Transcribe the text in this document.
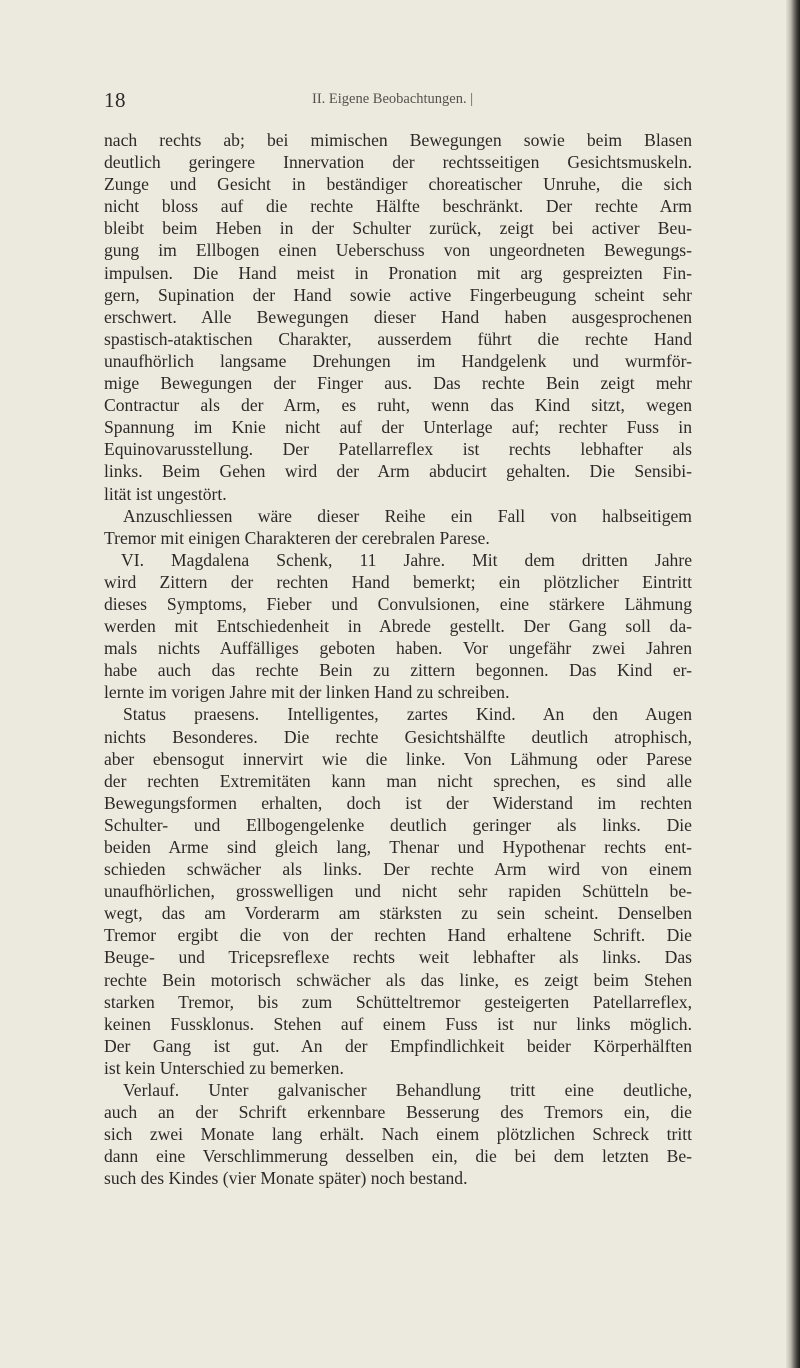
18	II. Eigene Beobachtungen. |
nach rechts ab; bei mimischen Bewegungen sowie beim Blasen
deutlich geringere Innervation der rechtsseitigen Gesichtsmuskeln.
Zunge und Gesicht in beständiger choreatischer Unruhe, die sich
nicht bloss auf die rechte Hälfte beschränkt. Der rechte Arm
bleibt beim Heben in der Schulter zurück, zeigt bei activer Beu-
gung im Ellbogen einen Ueberschuss von ungeordneten Bewegungs-
impulsen. Die Hand meist in Pronation mit arg gespreizten Fin-
gern, Supination der Hand sowie active Fingerbeugung scheint sehr
erschwert. Alle Bewegungen dieser Hand haben ausgesprochenen
spastisch-ataktischen Charakter, ausserdem führt die rechte Hand
unaufhörlich langsame Drehungen im Handgelenk und wurmför-
mige Bewegungen der Finger aus. Das rechte Bein zeigt mehr
Contractur als der Arm, es ruht, wenn das Kind sitzt, wegen
Spannung im Knie nicht auf der Unterlage auf; rechter Fuss in
Equinovarusstellung. Der Patellarreflex ist rechts lebhafter als
links. Beim Gehen wird der Arm abducirt gehalten. Die Sensibi-
lität ist ungestört.
Anzuschliessen wäre dieser Reihe ein Fall von halbseitigem
Tremor mit einigen Charakteren der cerebralen Parese.
VI. Magdalena Schenk, 11 Jahre. Mit dem dritten Jahre
wird Zittern der rechten Hand bemerkt; ein plötzlicher Eintritt
dieses Symptoms, Fieber und Convulsionen, eine stärkere Lähmung
werden mit Entschiedenheit in Abrede gestellt. Der Gang soll da-
mals nichts Auffälliges geboten haben. Vor ungefähr zwei Jahren
habe auch das rechte Bein zu zittern begonnen. Das Kind er-
lernte im vorigen Jahre mit der linken Hand zu schreiben.
Status praesens. Intelligentes, zartes Kind. An den Augen
nichts Besonderes. Die rechte Gesichtshälfte deutlich atrophisch,
aber ebensogut innervirt wie die linke. Von Lähmung oder Parese
der rechten Extremitäten kann man nicht sprechen, es sind alle
Bewegungsformen erhalten, doch ist der Widerstand im rechten
Schulter- und Ellbogengelenke deutlich geringer als links. Die
beiden Arme sind gleich lang, Thenar und Hypothenar rechts ent-
schieden schwächer als links. Der rechte Arm wird von einem
unaufhörlichen, grosswelligen und nicht sehr rapiden Schütteln be-
wegt, das am Vorderarm am stärksten zu sein scheint. Denselben
Tremor ergibt die von der rechten Hand erhaltene Schrift. Die
Beuge- und Tricepsreflexe rechts weit lebhafter als links. Das
rechte Bein motorisch schwächer als das linke, es zeigt beim Stehen
starken Tremor, bis zum Schütteltremor gesteigerten Patellarreflex,
keinen Fussklonus. Stehen auf einem Fuss ist nur links möglich.
Der Gang ist gut. An der Empfindlichkeit beider Körperhälften
ist kein Unterschied zu bemerken.
Verlauf. Unter galvanischer Behandlung tritt eine deutliche,
auch an der Schrift erkennbare Besserung des Tremors ein, die
sich zwei Monate lang erhält. Nach einem plötzlichen Schreck tritt
dann eine Verschlimmerung desselben ein, die bei dem letzten Be-
such des Kindes (vier Monate später) noch bestand.
